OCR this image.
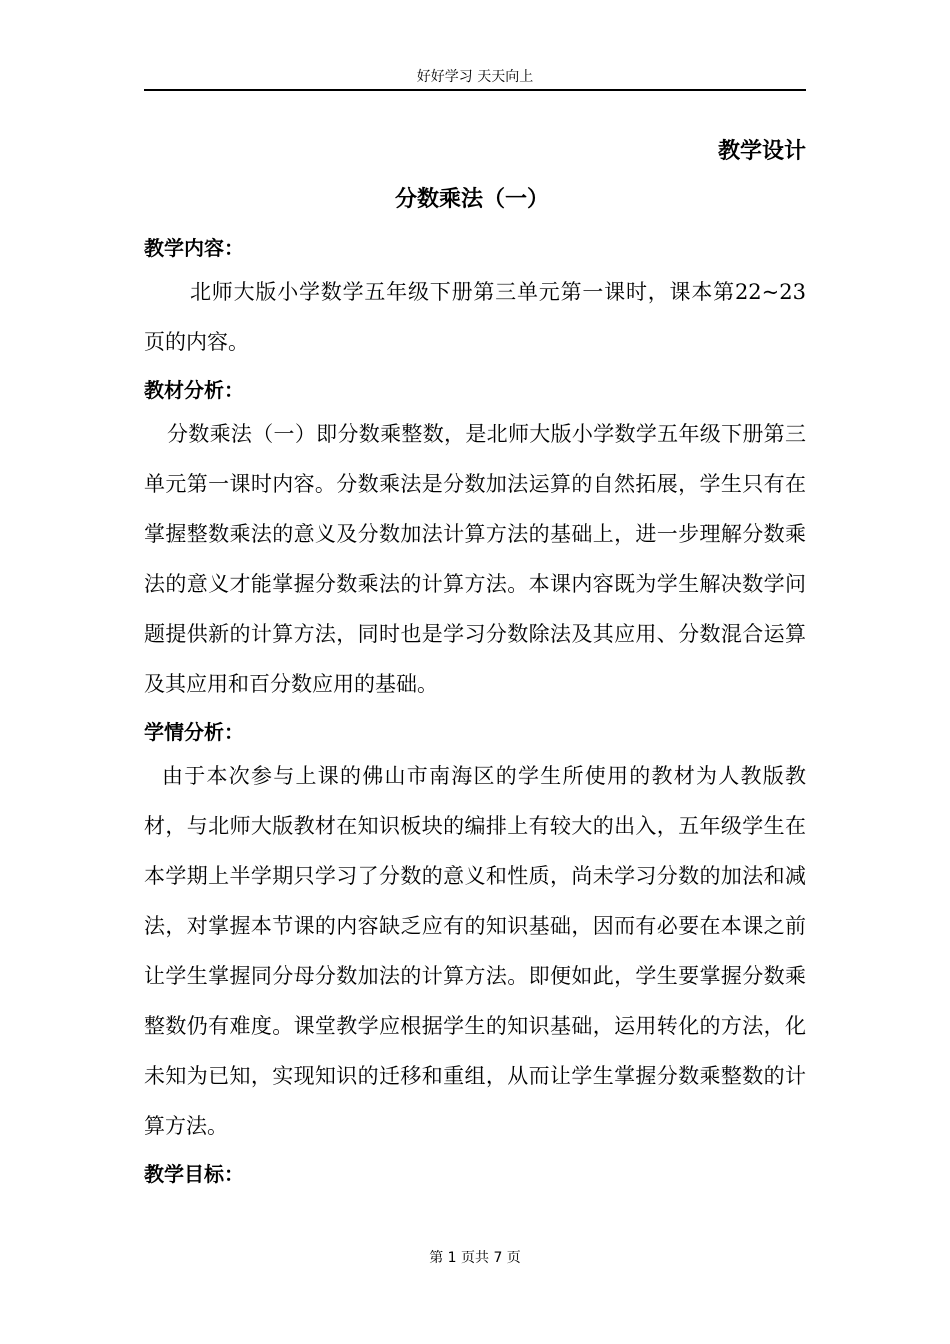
好好学习 天天向上
教学设计
分数乘法（一）
教学内容：

北师大版小学数学五年级下册第三单元第一课时，课本第22~23页的内容。

教材分析：

分数乘法（一）即分数乘整数，是北师大版小学数学五年级下册第三单元第一课时内容。分数乘法是分数加法运算的自然拓展，学生只有在掌握整数乘法的意义及分数加法计算方法的基础上，进一步理解分数乘法的意义才能掌握分数乘法的计算方法。本课内容既为学生解决数学问题提供新的计算方法，同时也是学习分数除法及其应用、分数混合运算及其应用和百分数应用的基础。

学情分析：

由于本次参与上课的佛山市南海区的学生所使用的教材为人教版教材，与北师大版教材在知识板块的编排上有较大的出入，五年级学生在本学期上半学期只学习了分数的意义和性质，尚未学习分数的加法和减法，对掌握本节课的内容缺乏应有的知识基础，因而有必要在本课之前让学生掌握同分母分数加法的计算方法。即便如此，学生要掌握分数乘整数仍有难度。课堂教学应根据学生的知识基础，运用转化的方法，化未知为已知，实现知识的迁移和重组，从而让学生掌握分数乘整数的计算方法。

教学目标：
第 1 页共 7 页
